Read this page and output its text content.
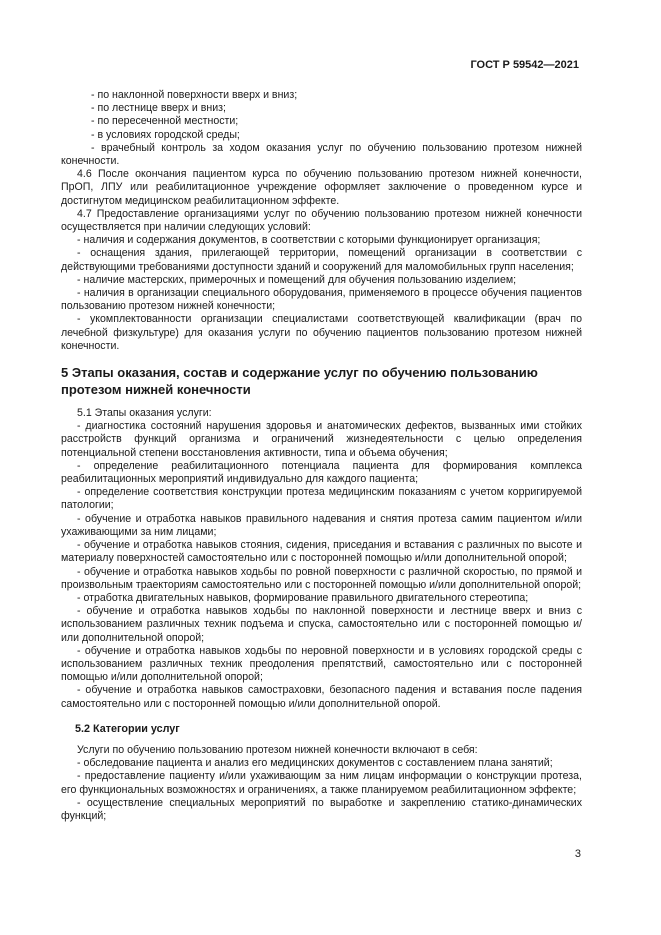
ГОСТ Р 59542—2021

- по наклонной поверхности вверх и вниз;

- по лестнице вверх и вниз;

- по пересеченной местности;

- в условиях городской среды;

- врачебный контроль за ходом оказания услуг по обучению пользованию протезом нижней конечности.

4.6 После окончания пациентом курса по обучению пользованию протезом нижней конечности, ПрОП, ЛПУ или реабилитационное учреждение оформляет заключение о проведенном курсе и достигнутом медицинском реабилитационном эффекте.

4.7 Предоставление организациями услуг по обучению пользованию протезом нижней конечности осуществляется при наличии следующих условий:

- наличия и содержания документов, в соответствии с которыми функционирует организация;

- оснащения здания, прилегающей территории, помещений организации в соответствии с действующими требованиями доступности зданий и сооружений для маломобильных групп населения;

- наличие мастерских, примерочных и помещений для обучения пользованию изделием;

- наличия в организации специального оборудования, применяемого в процессе обучения пациентов пользованию протезом нижней конечности;

- укомплектованности организации специалистами соответствующей квалификации (врач по лечебной физкультуре) для оказания услуги по обучению пациентов пользованию протезом нижней конечности.

5 Этапы оказания, состав и содержание услуг по обучению пользованию протезом нижней конечности

5.1 Этапы оказания услуги:

- диагностика состояний нарушения здоровья и анатомических дефектов, вызванных ими стойких расстройств функций организма и ограничений жизнедеятельности с целью определения потенциальной степени восстановления активности, типа и объема обучения;

- определение реабилитационного потенциала пациента для формирования комплекса реабилитационных мероприятий индивидуально для каждого пациента;

- определение соответствия конструкции протеза медицинским показаниям с учетом корригируемой патологии;

- обучение и отработка навыков правильного надевания и снятия протеза самим пациентом и/или ухаживающими за ним лицами;

- обучение и отработка навыков стояния, сидения, приседания и вставания с различных по высоте и материалу поверхностей самостоятельно или с посторонней помощью и/или дополнительной опорой;

- обучение и отработка навыков ходьбы по ровной поверхности с различной скоростью, по прямой и произвольным траекториям самостоятельно или с посторонней помощью и/или дополнительной опорой;

- отработка двигательных навыков, формирование правильного двигательного стереотипа;

- обучение и отработка навыков ходьбы по наклонной поверхности и лестнице вверх и вниз с использованием различных техник подъема и спуска, самостоятельно или с посторонней помощью и/или дополнительной опорой;

- обучение и отработка навыков ходьбы по неровной поверхности и в условиях городской среды с использованием различных техник преодоления препятствий, самостоятельно или с посторонней помощью и/или дополнительной опорой;

- обучение и отработка навыков самостраховки, безопасного падения и вставания после падения самостоятельно или с посторонней помощью и/или дополнительной опорой.

5.2 Категории услуг

Услуги по обучению пользованию протезом нижней конечности включают в себя:

- обследование пациента и анализ его медицинских документов с составлением плана занятий;

- предоставление пациенту и/или ухаживающим за ним лицам информации о конструкции протеза, его функциональных возможностях и ограничениях, а также планируемом реабилитационном эффекте;

- осуществление специальных мероприятий по выработке и закреплению статико-динамических функций;

3
